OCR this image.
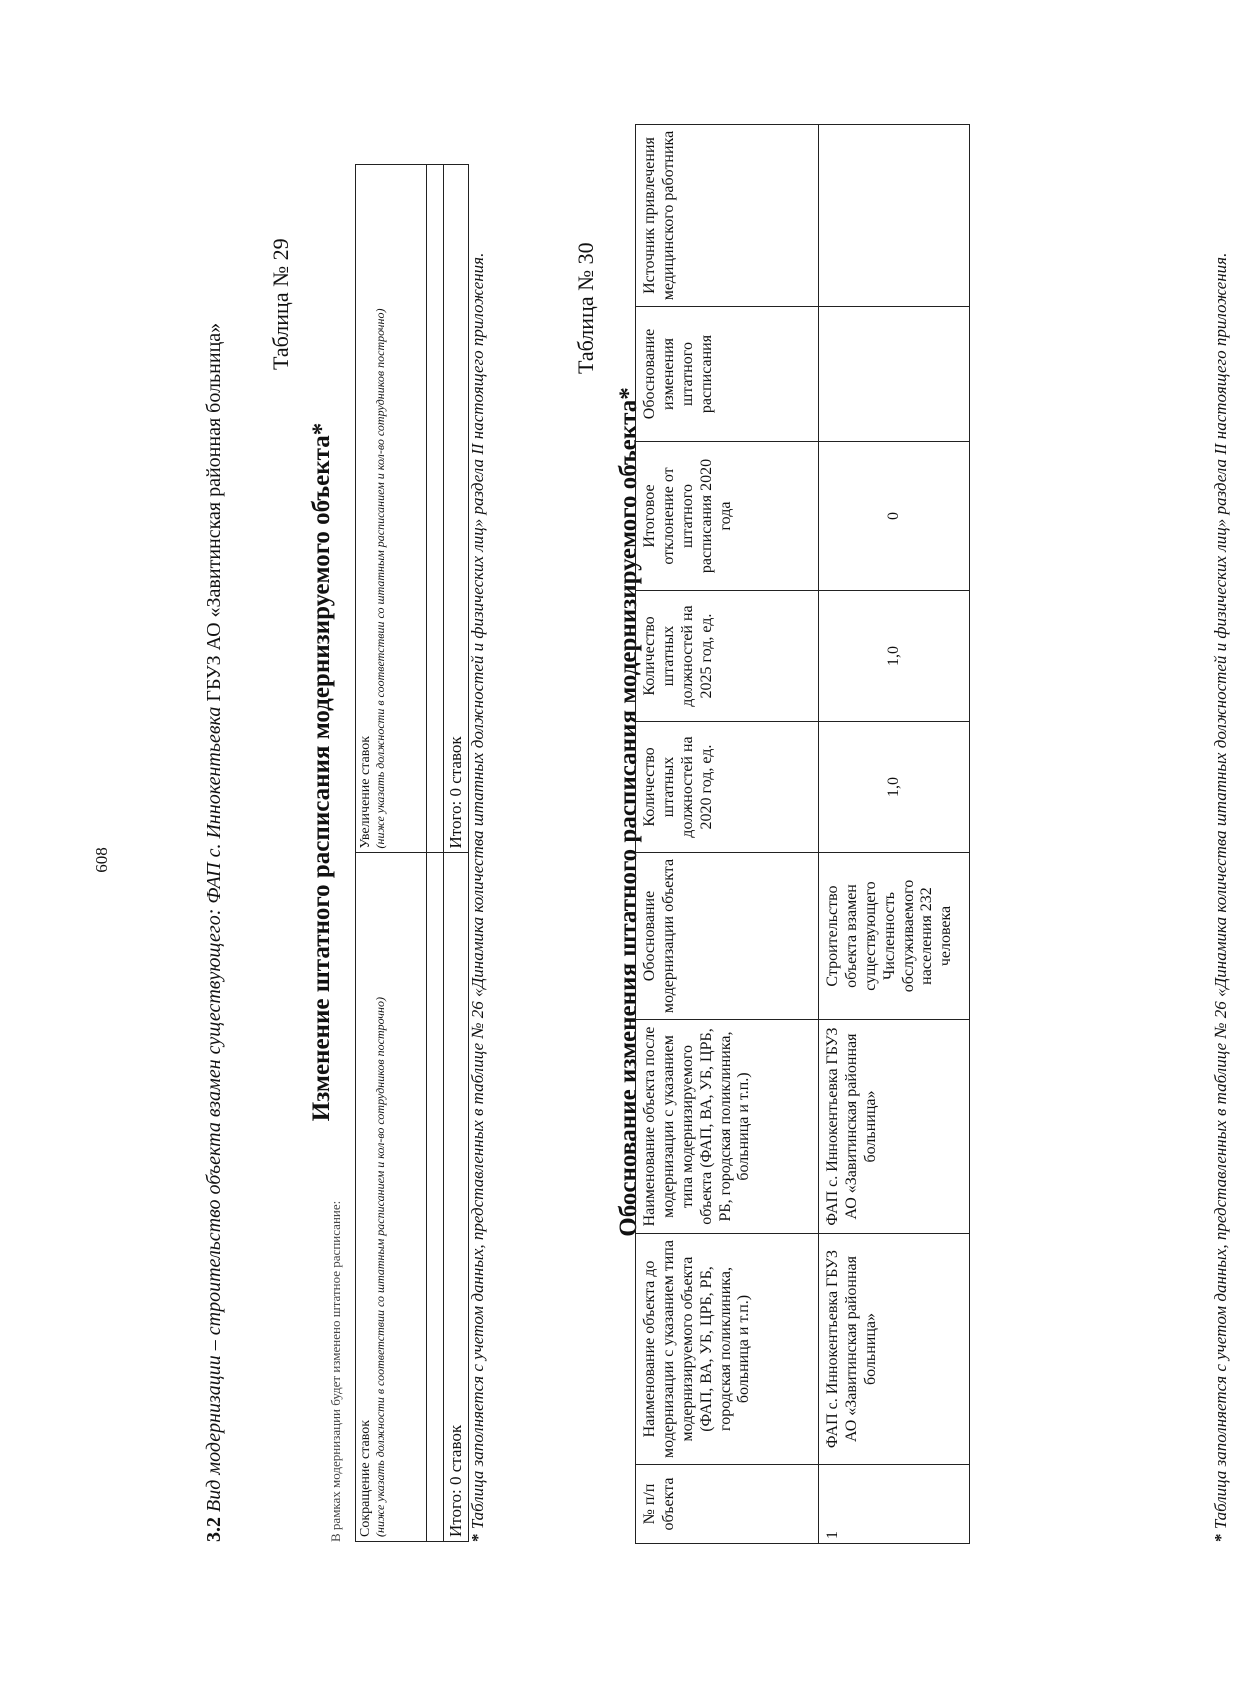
608
3.2 Вид модернизации – строительство объекта взамен существующего: ФАП с. Иннокентьевка ГБУЗ АО «Завитинская районная больница»
Таблица № 29
Изменение штатного расписания модернизируемого объекта*
В рамках модернизации будет изменено штатное расписание: Сокращение ставок (ниже указать должности в соответствии со штатным расписанием и кол-во сотрудников построчно)	Увеличение ставок (ниже указать должности в соответствии со штатным расписанием и кол-во сотрудников построчно)

Итого: 0 ставок	Итого: 0 ставок
* Таблица заполняется с учетом данных, представленных в таблице № 26 «Динамика количества штатных должностей и физических лиц» раздела II настоящего приложения.	Таблица № 30
Обоснование изменения штатного расписания модернизируемого объекта*
№ п/п объекта	Наименование объекта до модернизации с указанием типа модернизируемого объекта (ФАП, ВА, УБ, ЦРБ, РБ, городская поликлиника, больница и т.п.)	Наименование объекта после модернизации с указанием типа модернизируемого объекта (ФАП, ВА, УБ, ЦРБ, РБ, городская поликлиника, больница и т.п.)	Обоснование модернизации объекта	Количество штатных должностей на 2020 год, ед.	Количество штатных должностей на 2025 год, ед.	Итоговое отклонение от штатного расписания 2020 года	Обоснование изменения штатного расписания	Источник привлечения медицинского работника
1	ФАП с. Иннокентьевка ГБУЗ АО «Завитинская районная больница»	ФАП с. Иннокентьевка ГБУЗ АО «Завитинская районная больница»	Строительство объекта взамен существующего Численность обслуживаемого населения 232 человека	1,0	1,0	0		
* Таблица заполняется с учетом данных, представленных в таблице № 26 «Динамика количества штатных должностей и физических лиц» раздела II настоящего приложения.
